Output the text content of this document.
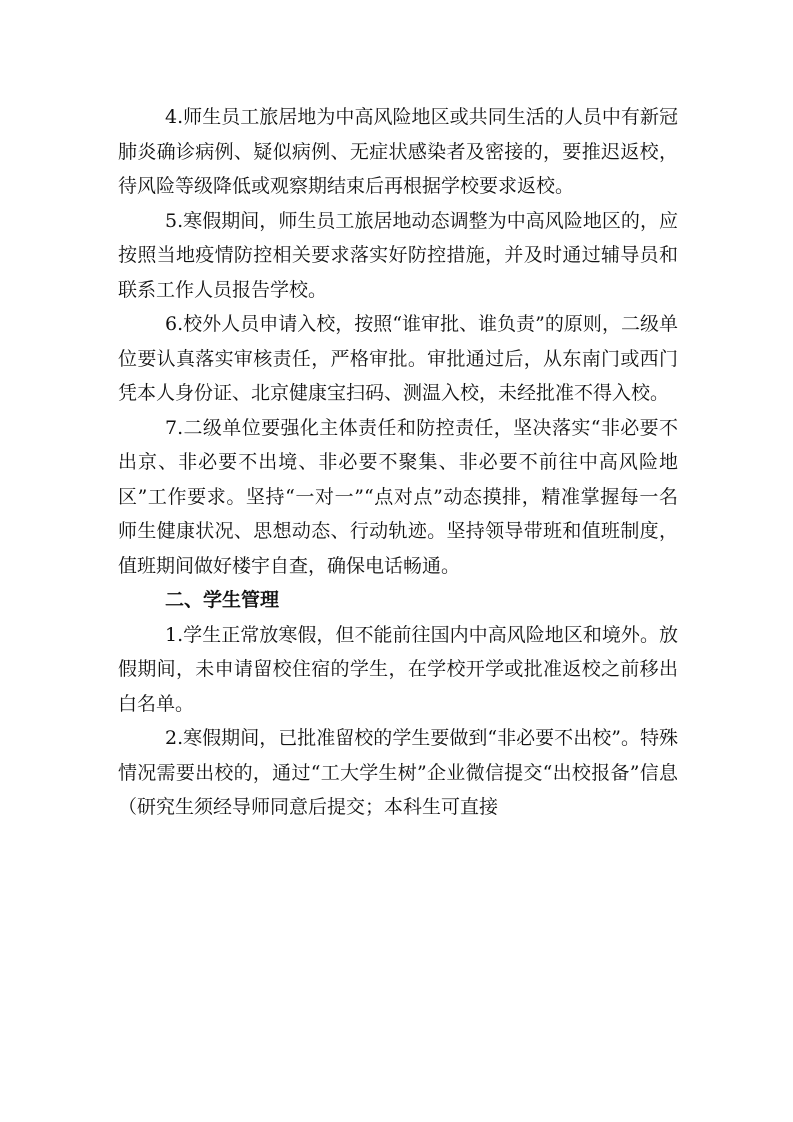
4.师生员工旅居地为中高风险地区或共同生活的人员中有新冠肺炎确诊病例、疑似病例、无症状感染者及密接的，要推迟返校，待风险等级降低或观察期结束后再根据学校要求返校。

5.寒假期间，师生员工旅居地动态调整为中高风险地区的，应按照当地疫情防控相关要求落实好防控措施，并及时通过辅导员和联系工作人员报告学校。

6.校外人员申请入校，按照“谁审批、谁负责”的原则，二级单位要认真落实审核责任，严格审批。审批通过后，从东南门或西门凭本人身份证、北京健康宝扫码、测温入校，未经批准不得入校。

7.二级单位要强化主体责任和防控责任，坚决落实“非必要不出京、非必要不出境、非必要不聚集、非必要不前往中高风险地区”工作要求。坚持“一对一”“点对点”动态摸排，精准掌握每一名师生健康状况、思想动态、行动轨迹。坚持领导带班和值班制度，值班期间做好楼宇自查，确保电话畅通。

二、学生管理

1.学生正常放寒假，但不能前往国内中高风险地区和境外。放假期间，未申请留校住宿的学生，在学校开学或批准返校之前移出白名单。

2.寒假期间，已批准留校的学生要做到“非必要不出校”。特殊情况需要出校的，通过“工大学生树”企业微信提交“出校报备”信息（研究生须经导师同意后提交；本科生可直接
